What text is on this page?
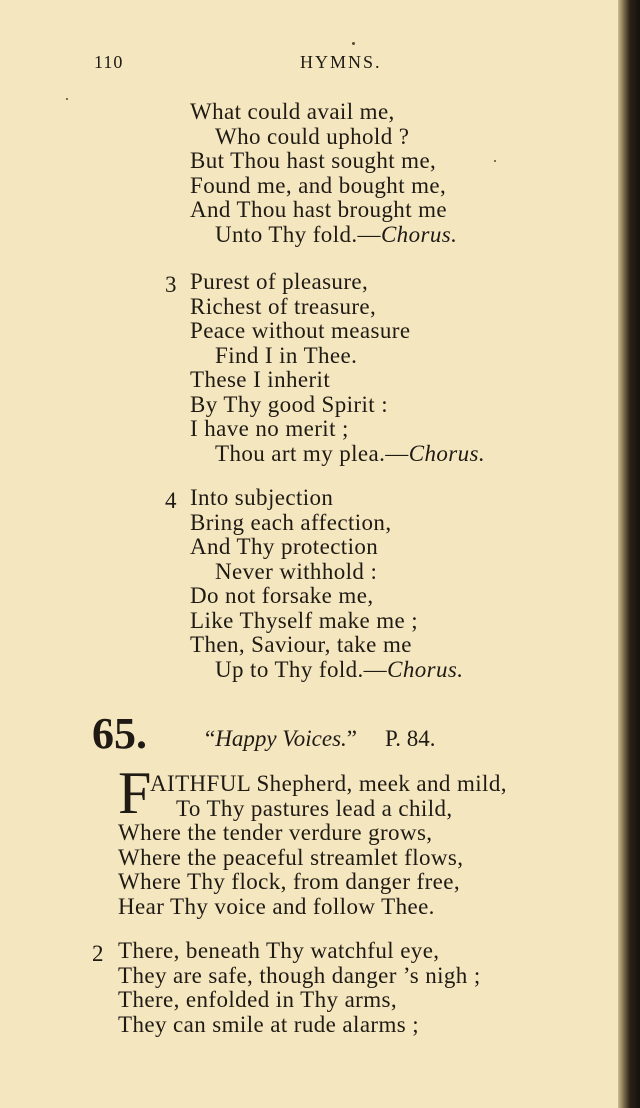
110	HYMNS.
What could avail me,
Who could uphold ?
But Thou hast sought me,
Found me, and bought me,
And Thou hast brought me
Unto Thy fold.—Chorus.
3 Purest of pleasure,
Richest of treasure,
Peace without measure
Find I in Thee.
These I inherit
By Thy good Spirit :
I have no merit ;
Thou art my plea.—Chorus.
4 Into subjection
Bring each affection,
And Thy protection
Never withhold :
Do not forsake me,
Like Thyself make me ;
Then, Saviour, take me
Up to Thy fold.—Chorus.
65.	“Happy Voices.” P. 84.
F
AITHFUL Shepherd, meek and mild,
To Thy pastures lead a child,
Where the tender verdure grows,
Where the peaceful streamlet flows,
Where Thy flock, from danger free,
Hear Thy voice and follow Thee.
2 There, beneath Thy watchful eye,
They are safe, though danger ’s nigh ;
There, enfolded in Thy arms,
They can smile at rude alarms ;
